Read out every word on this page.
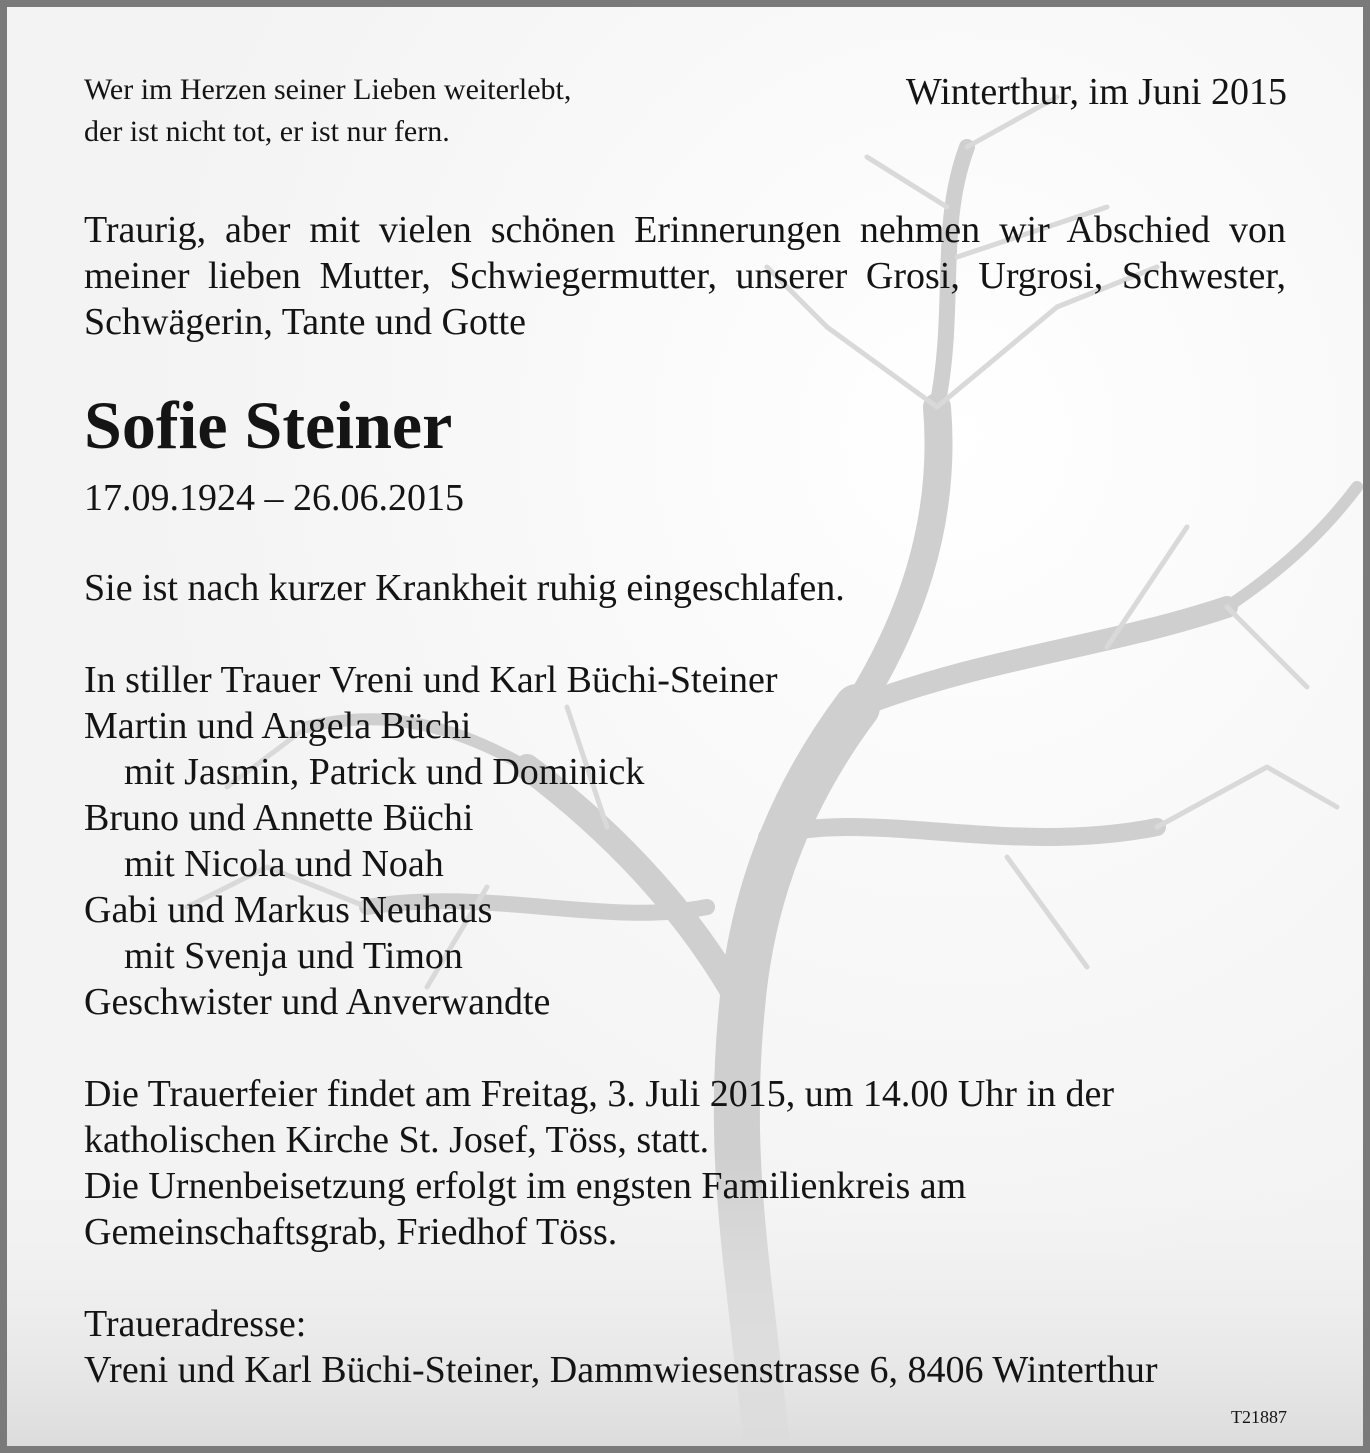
Wer im Herzen seiner Lieben weiterlebt,
der ist nicht tot, er ist nur fern.
Winterthur, im Juni 2015

Traurig, aber mit vielen schönen Erinnerungen nehmen wir Abschied von meiner lieben Mutter, Schwiegermutter, unserer Grosi, Urgrosi, Schwester, Schwägerin, Tante und Gotte

Sofie Steiner
17.09.1924 – 26.06.2015
Sie ist nach kurzer Krankheit ruhig eingeschlafen.
In stiller Trauer Vreni und Karl Büchi-Steiner
Martin und Angela Büchi
mit Jasmin, Patrick und Dominick
Bruno und Annette Büchi
mit Nicola und Noah
Gabi und Markus Neuhaus
mit Svenja und Timon
Geschwister und Anverwandte
Die Trauerfeier findet am Freitag, 3. Juli 2015, um 14.00 Uhr in der
katholischen Kirche St. Josef, Töss, statt.
Die Urnenbeisetzung erfolgt im engsten Familienkreis am
Gemeinschaftsgrab, Friedhof Töss.
Traueradresse:
Vreni und Karl Büchi-Steiner, Dammwiesenstrasse 6, 8406 Winterthur
T21887
